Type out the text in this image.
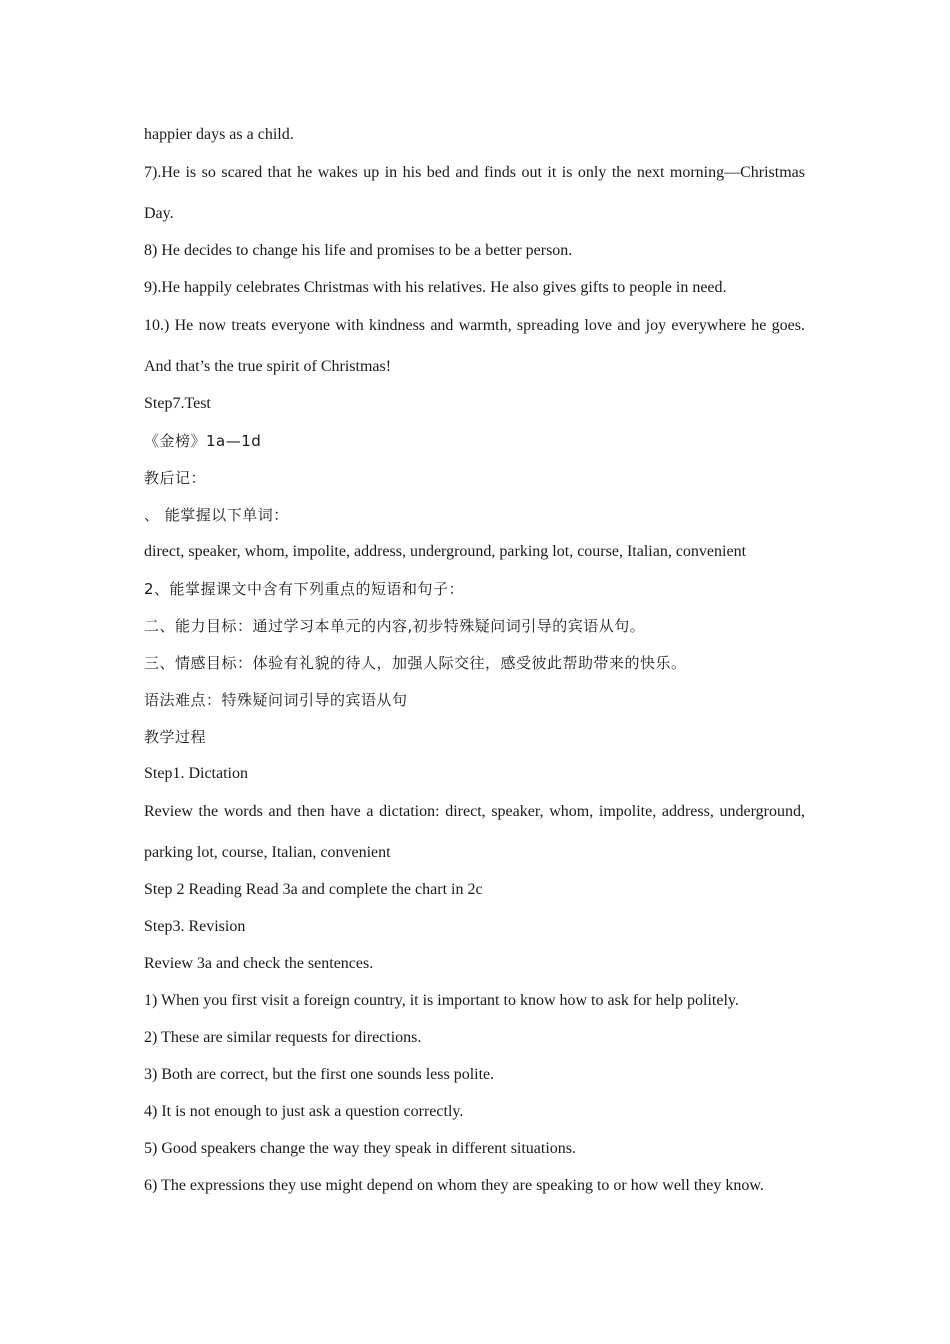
happier days as a child.
7).He is so scared that he wakes up in his bed and finds out it is only the next morning—Christmas Day.
8) He decides to change his life and promises to be a better person.
9).He happily celebrates Christmas with his relatives. He also gives gifts to people in need.
10.) He now treats everyone with kindness and warmth, spreading love and joy everywhere he goes. And that’s the true spirit of Christmas!
Step7.Test
《金榜》1a—1d
教后记：
、 能掌握以下单词：
direct, speaker, whom, impolite, address, underground, parking lot, course, Italian, convenient
2、能掌握课文中含有下列重点的短语和句子：
二、能力目标：通过学习本单元的内容,初步特殊疑问词引导的宾语从句。
三、情感目标：体验有礼貌的待人，加强人际交往，感受彼此帮助带来的快乐。
语法难点：特殊疑问词引导的宾语从句
教学过程
Step1. Dictation
Review the words and then have a dictation: direct, speaker, whom, impolite, address, underground, parking lot, course, Italian, convenient
Step 2 Reading Read 3a and complete the chart in 2c
Step3. Revision
Review 3a and check the sentences.
1) When you first visit a foreign country, it is important to know how to ask for help politely.
2) These are similar requests for directions.
3) Both are correct, but the first one sounds less polite.
4) It is not enough to just ask a question correctly.
5) Good speakers change the way they speak in different situations.
6) The expressions they use might depend on whom they are speaking to or how well they know.
